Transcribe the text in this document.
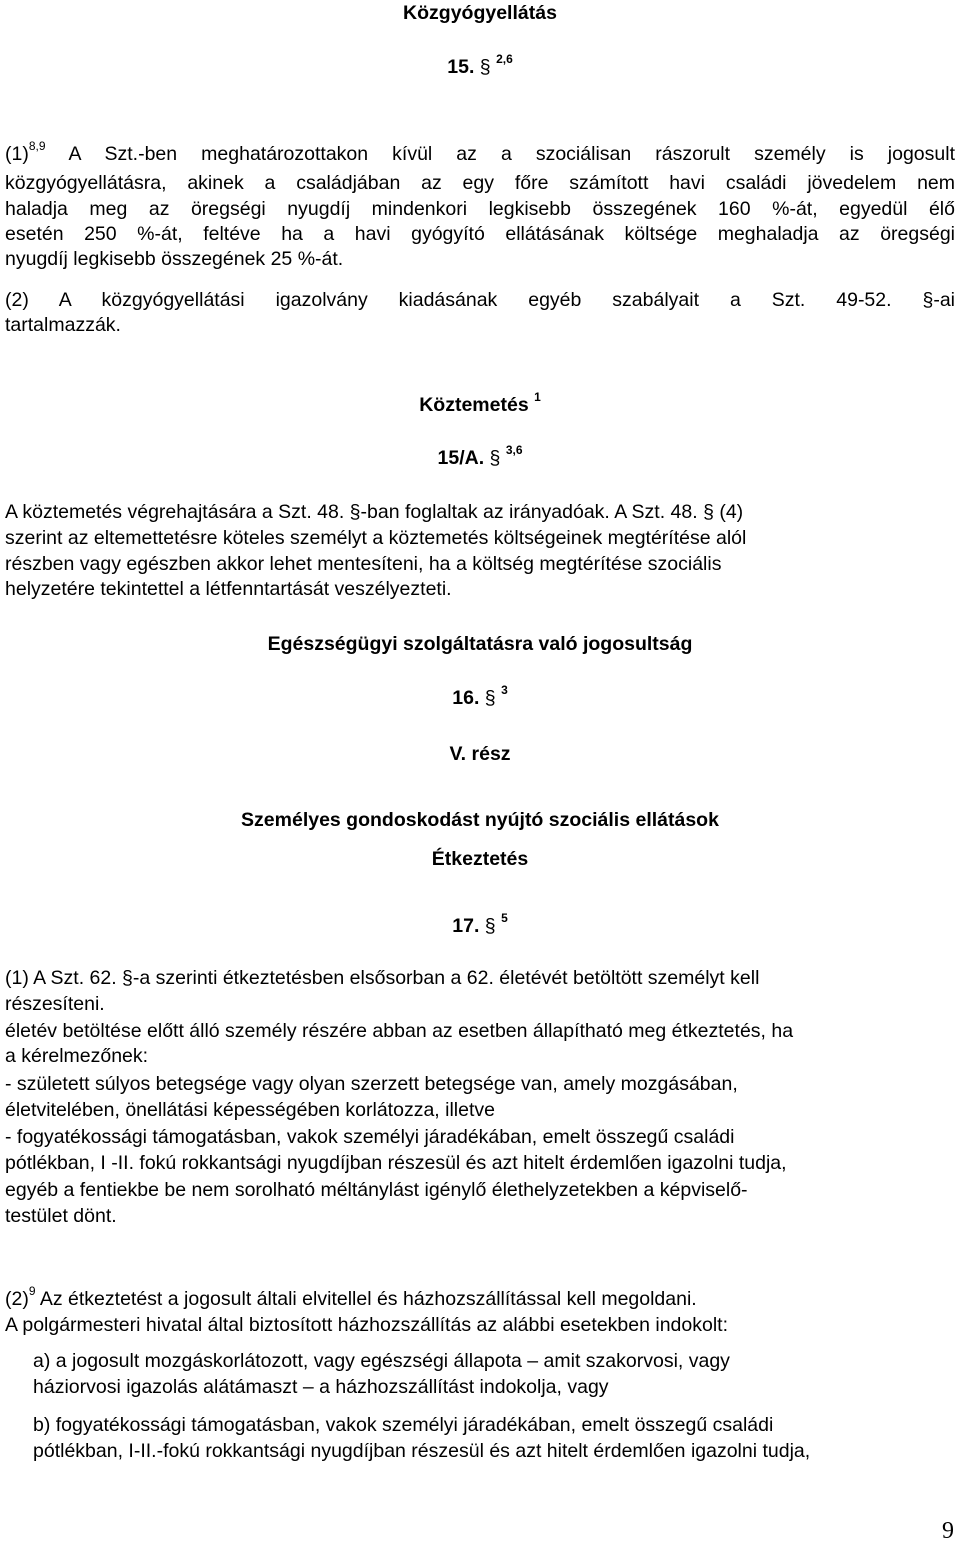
Közgyógyellátás
15. § $^{2,6}$
$(1)^{8,9}$ A Szt.-ben meghatározottakon kívül az a szociálisan rászorult személy is jogosult
közgyógyellátásra, akinek a családjában az egy főre számított havi családi jövedelem nem
haladja meg az öregségi nyugdíj mindenkori legkisebb összegének 160 %-át, egyedül élő
esetén 250 %-át, feltéve ha a havi gyógyító ellátásának költsége meghaladja az öregségi
nyugdíj legkisebb összegének 25 %-át.
(2) A közgyógyellátási igazolvány kiadásának egyéb szabályait a Szt. 49-52. §-ai
tartalmazzák.
Köztemetés $^1$
15/A. § $^{3,6}$
A köztemetés végrehajtására a Szt. 48. §-ban foglaltak az irányadóak. A Szt. 48. § (4)
szerint az eltemettetésre köteles személyt a köztemetés költségeinek megtérítése alól
részben vagy egészben akkor lehet mentesíteni, ha a költség megtérítése szociális
helyzetére tekintettel a létfenntartását veszélyezteti.
Egészségügyi szolgáltatásra való jogosultság
16. § $^3$
V. rész
Személyes gondoskodást nyújtó szociális ellátások
Étkeztetés
17. § $^5$
(1) A Szt. 62. §-a szerinti étkeztetésben elsősorban a 62. életévét betöltött személyt kell
részesíteni.
életév betöltése előtt álló személy részére abban az esetben állapítható meg étkeztetés, ha
a kérelmezőnek:
- született súlyos betegsége vagy olyan szerzett betegsége van, amely mozgásában,
életvitelében, önellátási képességében korlátozza, illetve
- fogyatékossági támogatásban, vakok személyi járadékában, emelt összegű családi
pótlékban, I -II. fokú rokkantsági nyugdíjban részesül és azt hitelt érdemlően igazolni tudja,
egyéb a fentiekbe be nem sorolható méltánylást igénylő élethelyzetekben a képviselő-
testület dönt.
$(2)^9$ Az étkeztetést a jogosult általi elvitellel és házhozszállítással kell megoldani.
A polgármesteri hivatal által biztosított házhozszállítás az alábbi esetekben indokolt:
a) a jogosult mozgáskorlátozott, vagy egészségi állapota – amit szakorvosi, vagy
háziorvosi igazolás alátámaszt – a házhozszállítást indokolja, vagy
b) fogyatékossági támogatásban, vakok személyi járadékában, emelt összegű családi
pótlékban, I-II.-fokú rokkantsági nyugdíjban részesül és azt hitelt érdemlően igazolni tudja,
9
